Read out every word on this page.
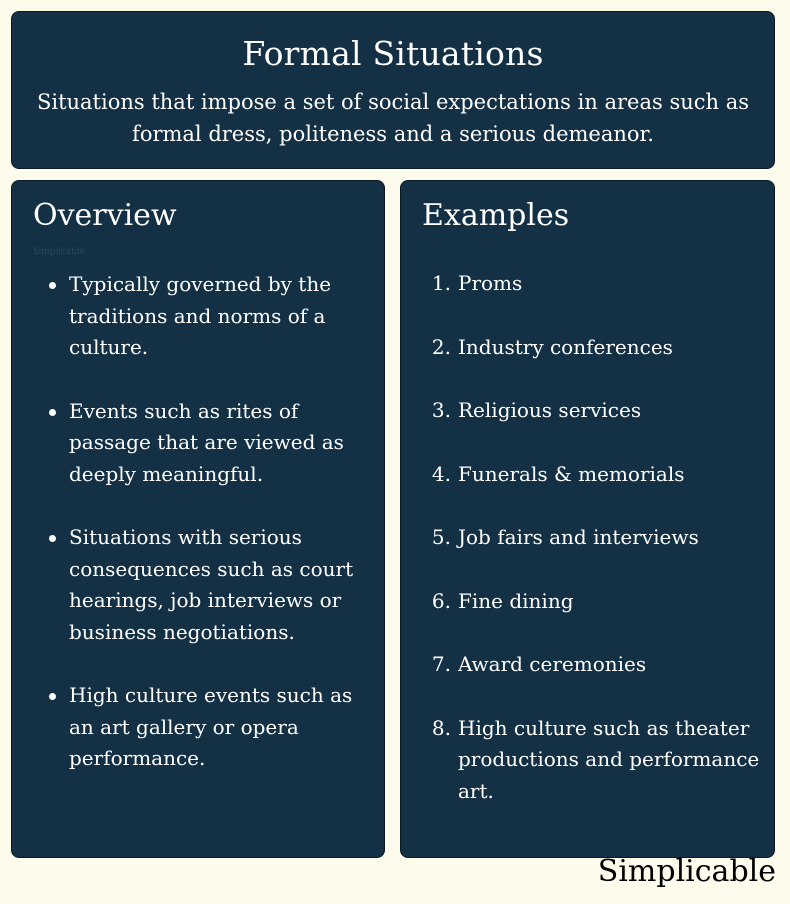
Formal Situations
Situations that impose a set of social expectations in areas such as formal dress, politeness and a serious demeanor.
Overview
Simplicable
Typically governed by the traditions and norms of a culture.
Events such as rites of passage that are viewed as deeply meaningful.
Situations with serious consequences such as court hearings, job interviews or business negotiations.
High culture events such as an art gallery or opera performance.
Examples
1. Proms
2. Industry conferences
3. Religious services
4. Funerals & memorials
5. Job fairs and interviews
6. Fine dining
7. Award ceremonies
8. High culture such as theater productions and performance art.
Simplicable
